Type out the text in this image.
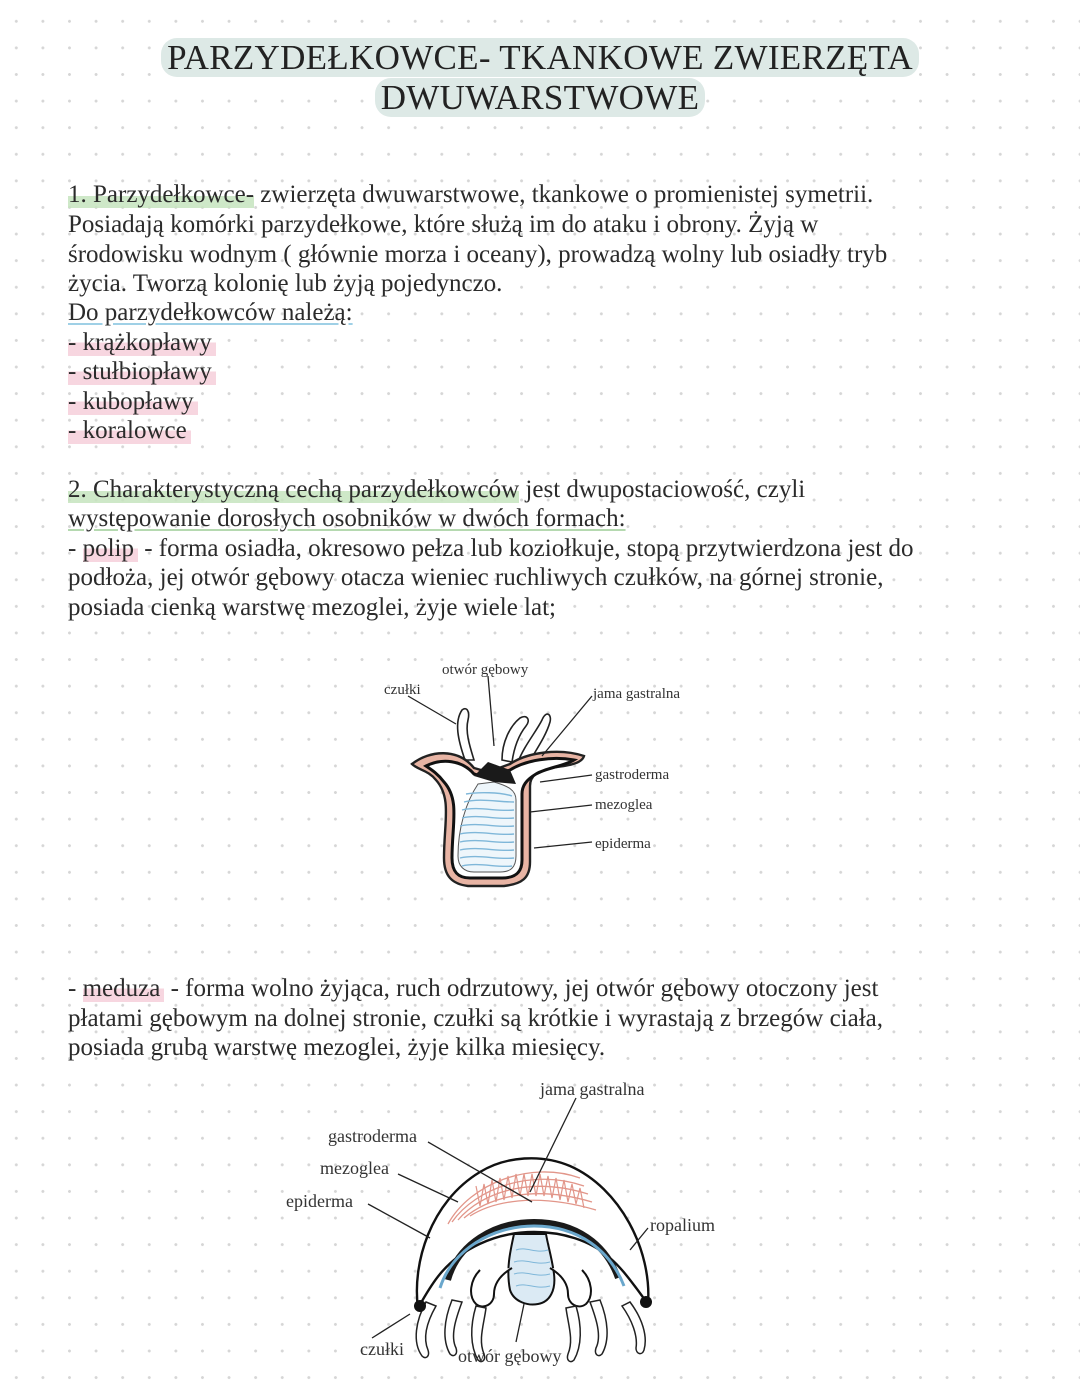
PARZYDEŁKOWCE- TKANKOWE ZWIERZĘTA
DWUWARSTWOWE
1. Parzydełkowce- zwierzęta dwuwarstwowe, tkankowe o promienistej symetrii.
Posiadają komórki parzydełkowe, które służą im do ataku i obrony. Żyją w
środowisku wodnym ( głównie morza i oceany), prowadzą wolny lub osiadły tryb
życia. Tworzą kolonię lub żyją pojedynczo.
Do parzydełkowców należą:
- krążkopławy
- stułbiopławy
- kubopławy
- koralowce
2. Charakterystyczną cechą parzydełkowców jest dwupostaciowość, czyli
występowanie dorosłych osobników w dwóch formach:
- polip - forma osiadła, okresowo pełza lub koziołkuje, stopą przytwierdzona jest do
podłoża, jej otwór gębowy otacza wieniec ruchliwych czułków, na górnej stronie,
posiada cienką warstwę mezoglei, żyje wiele lat;
otwór gębowy
czułki	jama gastralna
gastroderma
mezoglea
epiderma
- meduza - forma wolno żyjąca, ruch odrzutowy, jej otwór gębowy otoczony jest
płatami gębowym na dolnej stronie, czułki są krótkie i wyrastają z brzegów ciała,
posiada grubą warstwę mezoglei, żyje kilka miesięcy.
jama gastralna
gastroderma
mezoglea
epiderma
ropalium
czułki	otwór gębowy
